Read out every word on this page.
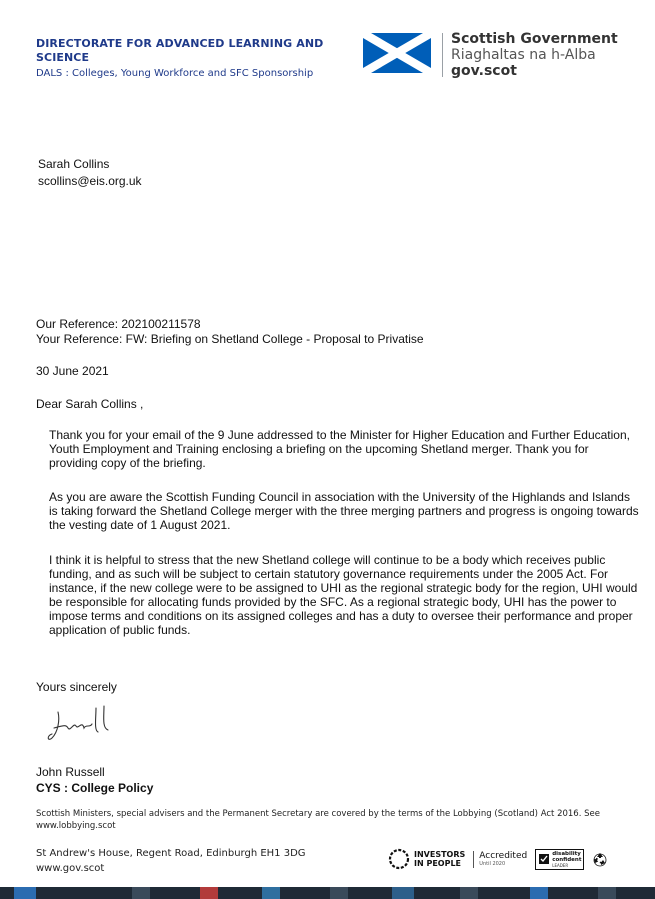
DIRECTORATE FOR ADVANCED LEARNING AND SCIENCE
DALS : Colleges, Young Workforce and SFC Sponsorship
Scottish Government
Riaghaltas na h-Alba
gov.scot
Sarah Collins
scollins@eis.org.uk
Our Reference: 202100211578
Your Reference: FW: Briefing on Shetland College - Proposal to Privatise
30 June 2021
Dear Sarah Collins ,
Thank you for your email of the 9 June addressed to the Minister for Higher Education and Further Education, Youth Employment and Training enclosing a briefing on the upcoming Shetland merger. Thank you for providing copy of the briefing.
As you are aware the Scottish Funding Council in association with the University of the Highlands and Islands is taking forward the Shetland College merger with the three merging partners and progress is ongoing towards the vesting date of 1 August 2021.
I think it is helpful to stress that the new Shetland college will continue to be a body which receives public funding, and as such will be subject to certain statutory governance requirements under the 2005 Act. For instance, if the new college were to be assigned to UHI as the regional strategic body for the region, UHI would be responsible for allocating funds provided by the SFC. As a regional strategic body, UHI has the power to impose terms and conditions on its assigned colleges and has a duty to oversee their performance and proper application of public funds.
Yours sincerely
John Russell
CYS : College Policy
Scottish Ministers, special advisers and the Permanent Secretary are covered by the terms of the Lobbying (Scotland) Act 2016. See www.lobbying.scot
St Andrew's House, Regent Road, Edinburgh EH1 3DG
www.gov.scot
INVESTORS
IN PEOPLE
Accredited
Until 2020
disability
confident
LEADER
